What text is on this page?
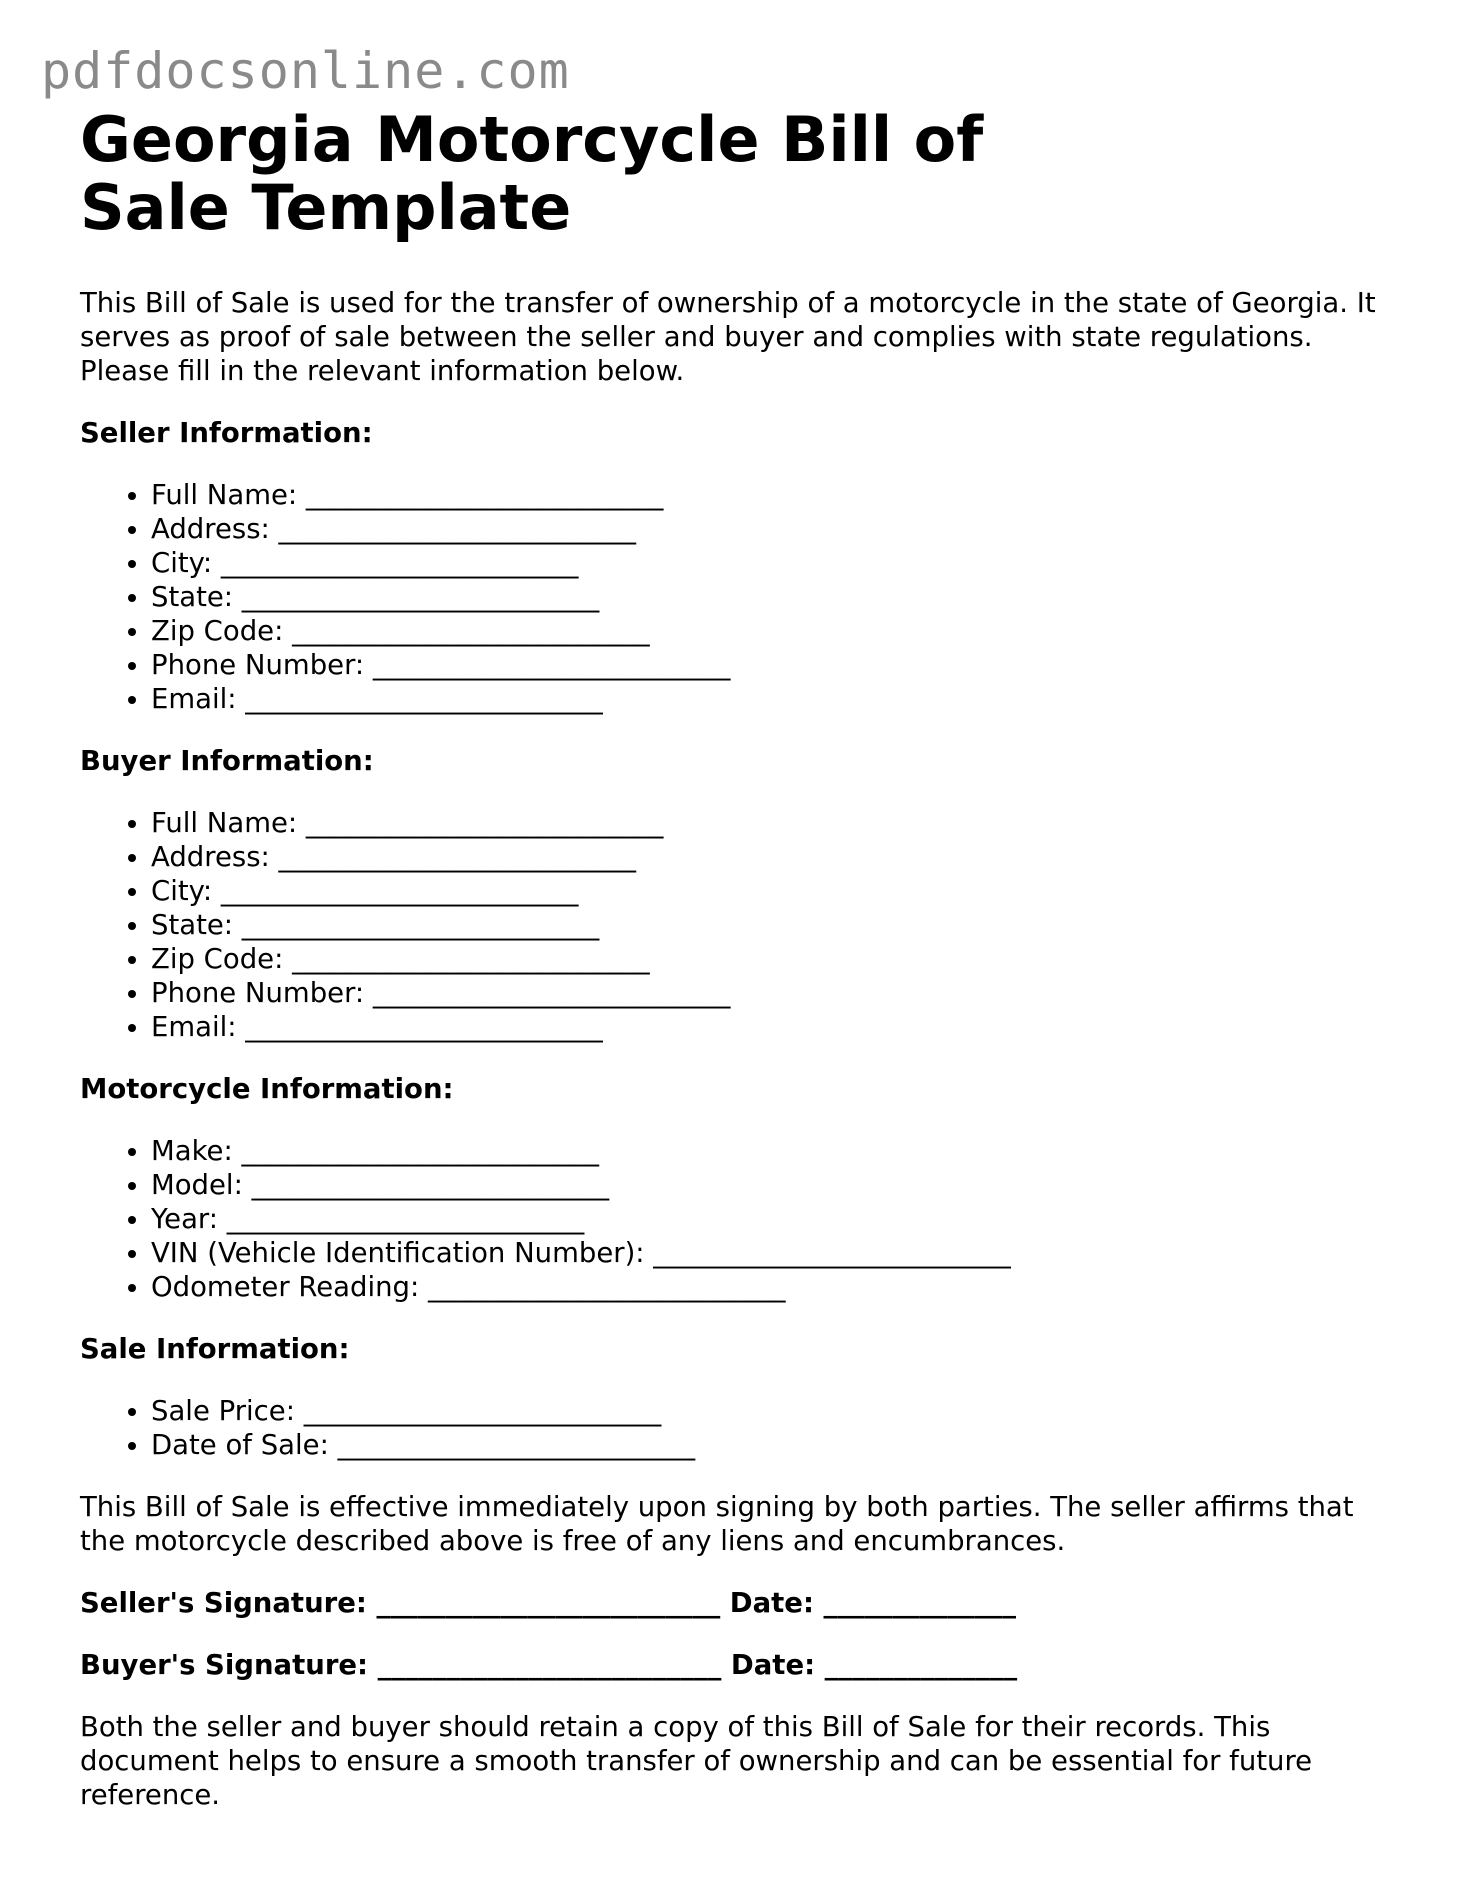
pdfdocsonline.com
Georgia Motorcycle Bill of Sale Template

This Bill of Sale is used for the transfer of ownership of a motorcycle in the state of Georgia. It serves as proof of sale between the seller and buyer and complies with state regulations. Please fill in the relevant information below.

Seller Information:

• Full Name: __________________________
• Address: __________________________
• City: __________________________
• State: __________________________
• Zip Code: __________________________
• Phone Number: __________________________
• Email: __________________________

Buyer Information:

• Full Name: __________________________
• Address: __________________________
• City: __________________________
• State: __________________________
• Zip Code: __________________________
• Phone Number: __________________________
• Email: __________________________

Motorcycle Information:

• Make: __________________________
• Model: __________________________
• Year: __________________________
• VIN (Vehicle Identification Number): __________________________
• Odometer Reading: __________________________

Sale Information:

• Sale Price: __________________________
• Date of Sale: __________________________

This Bill of Sale is effective immediately upon signing by both parties. The seller affirms that the motorcycle described above is free of any liens and encumbrances.

Seller's Signature: _________________________ Date: ______________
Buyer's Signature: _________________________ Date: ______________

Both the seller and buyer should retain a copy of this Bill of Sale for their records. This document helps to ensure a smooth transfer of ownership and can be essential for future reference.
